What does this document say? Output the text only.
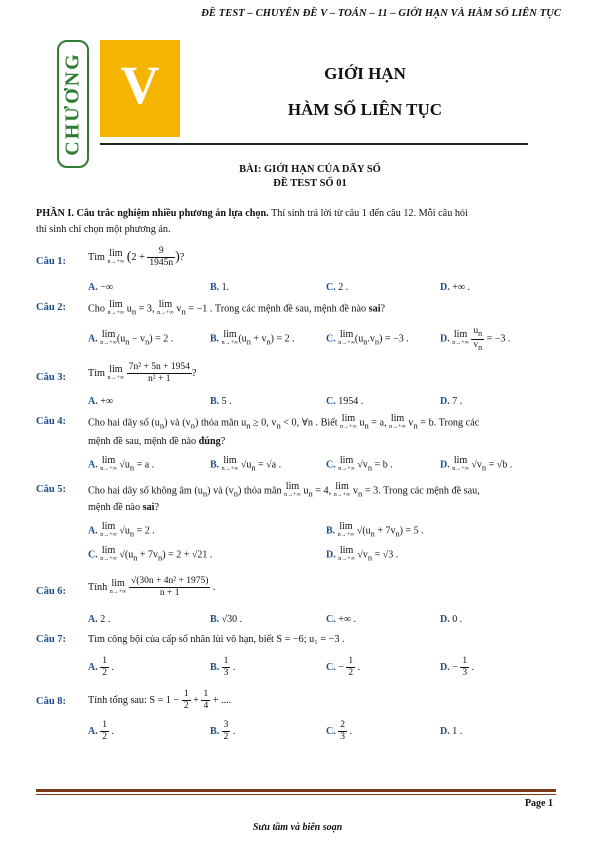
ĐỀ TEST – CHUYÊN ĐỀ V – TOÁN – 11 – GIỚI HẠN VÀ HÀM SỐ LIÊN TỤC
CHƯƠNG V	GIỚI HẠN
HÀM SỐ LIÊN TỤC
BÀI: GIỚI HẠN CỦA DÃY SỐ
ĐỀ TEST SỐ 01
PHẦN I. Câu trắc nghiệm nhiều phương án lựa chọn. Thí sinh trả lời từ câu 1 đến câu 12. Mỗi câu hỏi
thí sinh chỉ chọn một phương án.
Câu 1: Tìm lim
n→+∞ ($2 + \frac{9}{1945n}$ )?
A. −∞	B. 1.	C. 2 .	D. +∞ .
Câu 2: Cho lim
n→+∞ $u_n = 3$, lim
n→+∞ $v_n = -1$ . Trong các mệnh đề sau, mệnh đề nào sai?
A. lim
n→+∞ $(u_n - v_n) = 2$ .	B. lim
n→+∞ $(u_n + v_n) = 2$ .	C. lim
n→+∞ $(u_n.v_n) = -3$ .	D. lim
n→+∞
$\frac{u_n}{v_n} = -3$ .
Câu 3: Tìm lim
n→+∞
$\frac{\text{7n² + 5n + 1954}}{\text{n² + 1}}$ ?
A. +∞	B. 5 .	C. 1954 .	D. 7 .
Câu 4: Cho hai dãy số $(u_n)$ và $(v_n)$ thỏa mãn $u_n \ge 0$, $v_n < 0$, ∀n . Biết lim
n→+∞ $u_n = a$, lim
n→+∞ $v_n = b$. Trong các
mệnh đề sau, mệnh đề nào đúng?
A. lim
n→+∞ $√u_n = a$ .	B. lim
n→+∞ $√u_n = √a$ .	C. lim
n→+∞ $√v_n = b$ .	D. lim
n→+∞ $√v_n = √b$ .
Câu 5: Cho hai dãy số không âm $(u_n)$ và $(v_n)$ thỏa mãn lim
n→+∞ $u_n = 4$, lim
n→+∞ $v_n = 3$. Trong các mệnh đề sau,
mệnh đề nào sai?
A. lim
n→+∞ $√u_n = 2$ .	B. lim
n→+∞ $√(u_n + 7v_n) = 5$ .
C. lim
n→+∞ $√(u_n + 7v_n) = 2 + √21$ .	D. lim
n→+∞ $√v_n = √3$ .
Câu 6: Tính lim
n→+∞
$\frac{\text{√(30n + 4n² + 1975)}}{n + 1}$ .
A. 2 .	B. √30 .	C. +∞ .	D. 0 .
Câu 7: Tìm công bội của cấp số nhân lùi vô hạn, biết S = −6; u₁ = −3 .
A. $\frac{1}{2}$ .	B. $\frac{1}{3}$ .	C. − $\frac{1}{2}$ .	D. − $\frac{1}{3}$ .
Câu 8: Tính tổng sau: $S = 1 - \frac{1}{2} + \frac{1}{4}$ + ....
A. $\frac{1}{2}$ .	B. $\frac{3}{2}$ .	C. $\frac{2}{3}$ .	D. 1 .
Page 1
Sưu tầm và biên soạn
